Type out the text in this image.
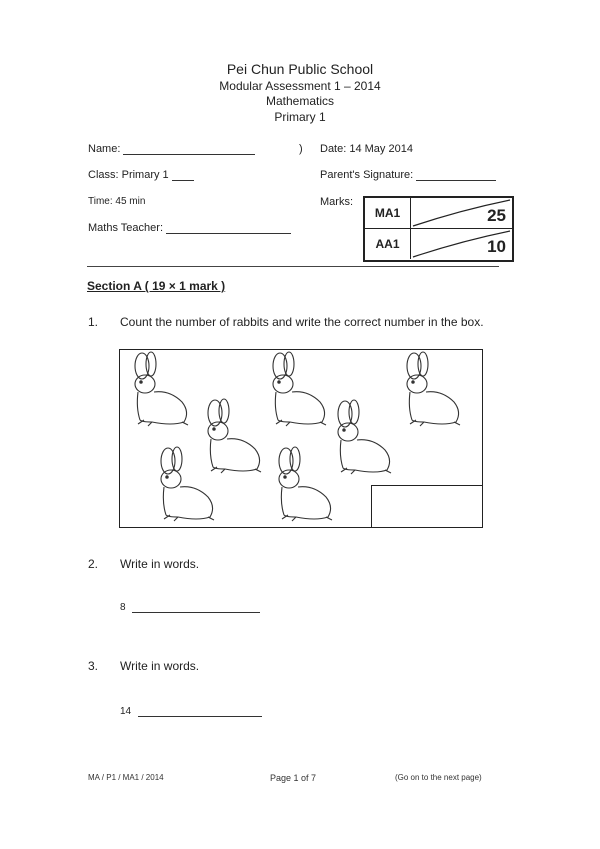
Pei Chun Public School
Modular Assessment 1 – 2014
Mathematics
Primary 1
Name:	) Date: 14 May 2014
Class: Primary 1	Parent's Signature:
Time: 45 min	Marks:
Maths Teacher:
MA1	25
AA1	10
Section A ( 19 × 1 mark )
1. Count the number of rabbits and write the correct number in the box.
2. Write in words.
8
3. Write in words.
14
MA / P1 / MA1 / 2014	Page 1 of 7	(Go on to the next page)
